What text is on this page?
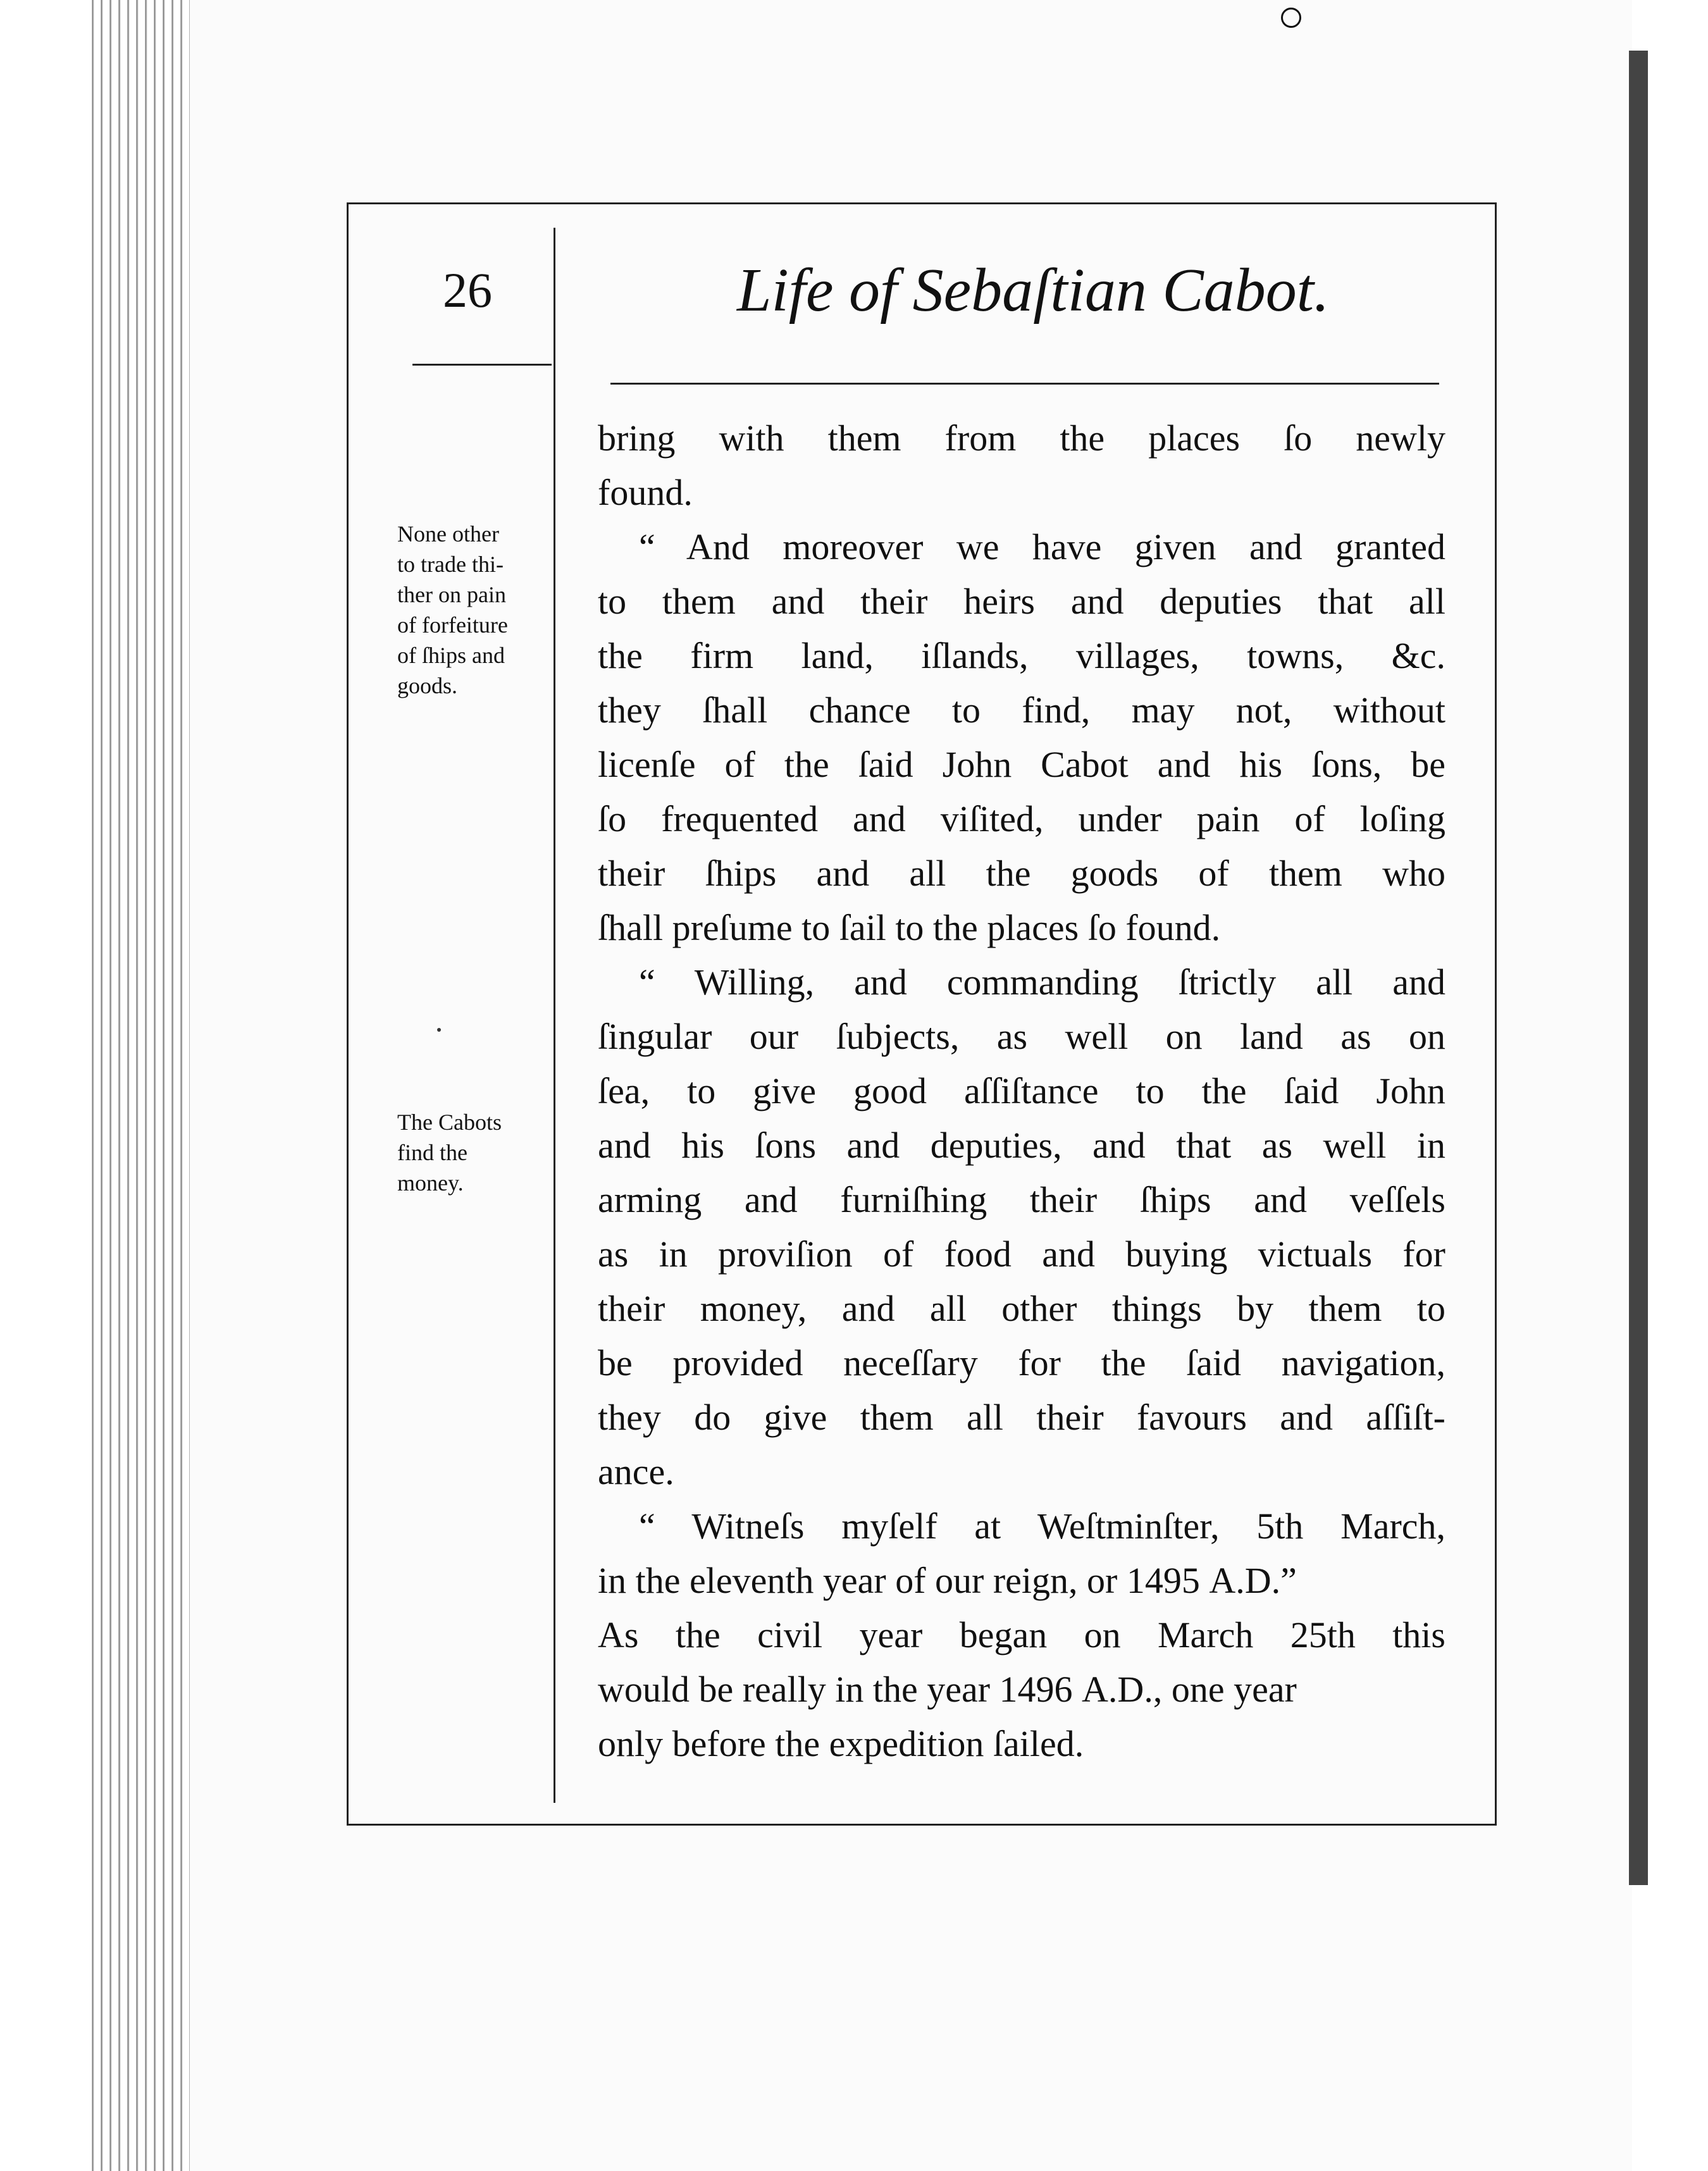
26	Life of Sebaſtian Cabot.
None other
to trade thi-
ther on pain
of forfeiture
of ſhips and
goods.
The Cabots
find the
money.
bring with them from the places ſo newly
found.
“ And moreover we have given and granted
to them and their heirs and deputies that all
the firm land, iſlands, villages, towns, &c.
they ſhall chance to find, may not, without
licenſe of the ſaid John Cabot and his ſons, be
ſo frequented and viſited, under pain of loſing
their ſhips and all the goods of them who
ſhall preſume to ſail to the places ſo found.
“ Willing, and commanding ſtrictly all and
ſingular our ſubjects, as well on land as on
ſea, to give good aſſiſtance to the ſaid John
and his ſons and deputies, and that as well in
arming and furniſhing their ſhips and veſſels
as in proviſion of food and buying victuals for
their money, and all other things by them to
be provided neceſſary for the ſaid navigation,
they do give them all their favours and aſſiſt-
ance.
“ Witneſs myſelf at Weſtminſter, 5th March,
in the eleventh year of our reign, or 1495 A.D.”
As the civil year began on March 25th this
would be really in the year 1496 A.D., one year
only before the expedition ſailed.
